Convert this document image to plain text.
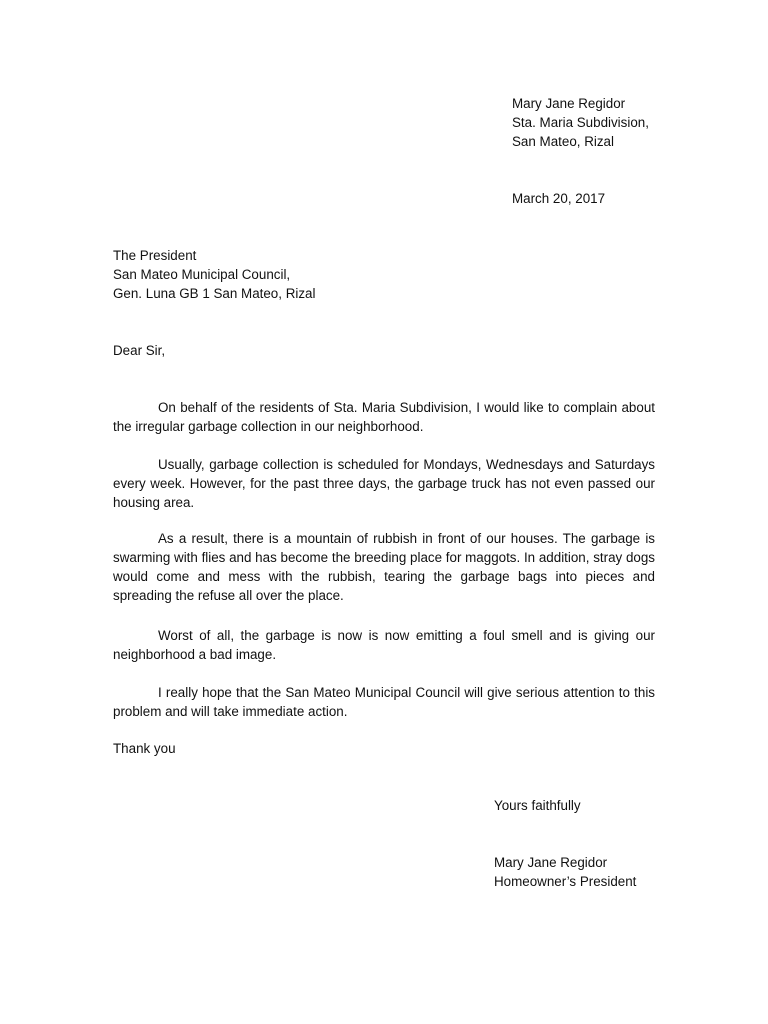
Mary Jane Regidor
Sta. Maria Subdivision,
San Mateo, Rizal
March 20, 2017
The President
San Mateo Municipal Council,
Gen. Luna GB 1 San Mateo, Rizal
Dear Sir,

On behalf of the residents of Sta. Maria Subdivision, I would like to complain about the irregular garbage collection in our neighborhood.

Usually, garbage collection is scheduled for Mondays, Wednesdays and Saturdays every week. However, for the past three days, the garbage truck has not even passed our housing area.

As a result, there is a mountain of rubbish in front of our houses. The garbage is swarming with flies and has become the breeding place for maggots. In addition, stray dogs would come and mess with the rubbish, tearing the garbage bags into pieces and spreading the refuse all over the place.

Worst of all, the garbage is now is now emitting a foul smell and is giving our neighborhood a bad image.

I really hope that the San Mateo Municipal Council will give serious attention to this problem and will take immediate action.

Thank you
Yours faithfully
Mary Jane Regidor
Homeowner’s President
